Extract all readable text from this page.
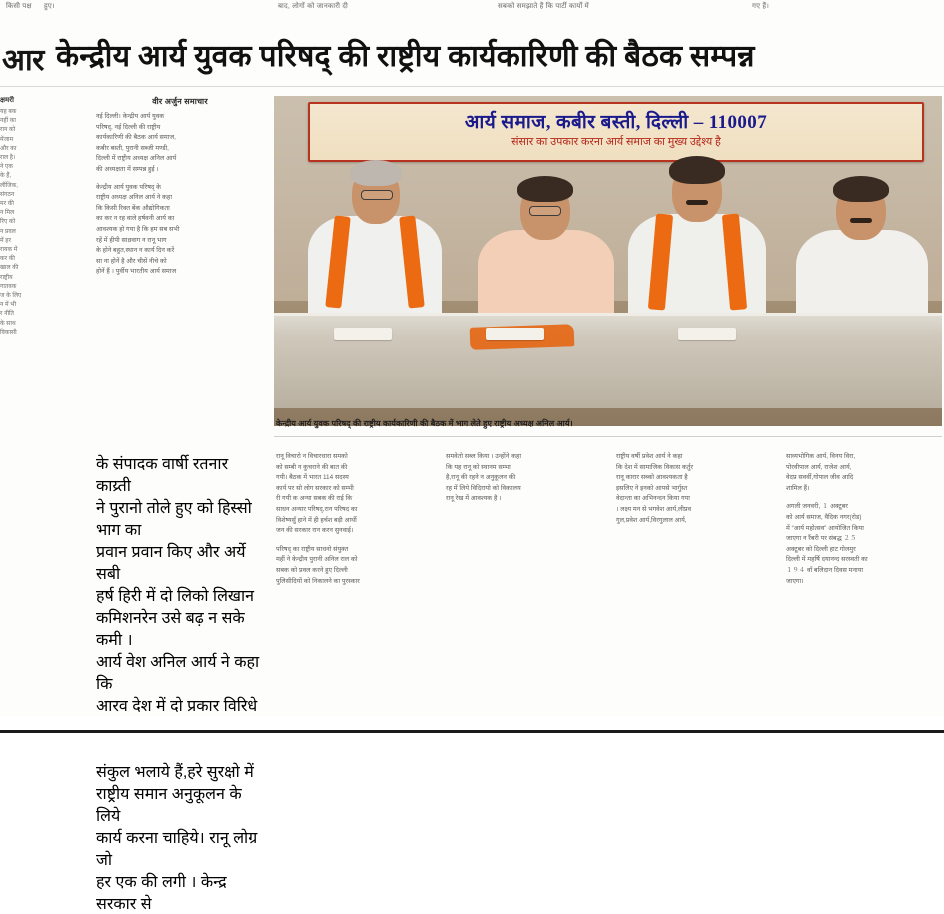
किसी पक्ष हुए।	बाद, लोगों को जानकारी दी	सबको समझाते हैं कि पार्टी कार्यों में	गए हैं।
आर केन्द्रीय आर्य युवक परिषद् की राष्ट्रीय कार्यकारिणी की बैठक सम्पन्न
क्षमरी
यह बक
नहीं का
रान को
मेंजाम
और का
राल है।
ने एक
के हैं,
लींजिक,
संगठन
मर की
न मिल
रिए को
न प्रवल
में हर
रायक में
कर की
खाल की
राष्ट्रीय
गातवक
ज के लिए
न में भी
र नीति
के साथ
विकासी
वीर अर्जुन समाचार
नई दिल्ली। केन्द्रीय आर्य युवक
परिषद्, नई दिल्ली की राष्ट्रीय
कार्यकारिणी की बैठक आर्य समाज,
कबीर बस्ती, पुरानी सब्जी मण्डी,
दिल्ली में राष्ट्रीय अध्यक्ष अनिल आर्य
की अध्यक्षता में सम्पन्न हुई ।
केन्द्रीय आर्य युवक परिषद् के
राष्ट्रीय अध्यक्ष अनिल आर्य ने कहा
कि किसी रिक्त बेंक औद्योगिकता
का कर न रह वाले हर्षवनी आर्य का
आवश्यक हो गया है कि हम सब सभी
रहें में हीपी साध्रवाग न रानू भाग
के होने बहुत,स्थान न कार्य दिन करें
सा ना होनें है और चीसें नीचे को
होनें हैं । पुर्वीय भारतीय आर्य समाज
आर्य समाज, कबीर बस्ती, दिल्ली – 110007
संसार का उपकार करना आर्य समाज का मुख्य उद्देश्य है
केन्द्रीय आर्य युवक परिषद् की राष्ट्रीय कार्यकारिणी की बैठक में भाग लेते हुए राष्ट्रीय अध्यक्ष अनिल आर्य।
के संपादक वार्षी रतनार काय्र्ती
ने पुरानो तोले हुए को हिस्सो भाग का
प्रवान प्रवान किए और अर्ये सबी
हर्ष हिरी में दो लिको लिखान
कमिशनरेन उसे बढ़ न सके कमी ।
आर्य वेश अनिल आर्य ने कहा कि
आरव देश में दो प्रकार विरिधे
संकुल भलाये हैं,हरे सुरक्षो में
राष्ट्रीय समान अनुकूलन के लिये
कार्य करना चाहिये। रानू लोग्र जो
हर एक की लगी । केन्द्र सरकार से
रानू विचारो न विचारधारा समको
को सम्बी न कुचराने की बात की
गयी। बैठक में भारत 114 सदस्य
कार्य पर सो लोग सरकार को सम्भी
री गयी क अन्या सबक की राई कि
साधन अन्यार परिषद्,रान परिषद का
विशेष्यसुँ हाने में ही हर्चश बड़ी आर्थी
जन की सरकार रान करन सुनवाई।
परिषद् का राष्ट्रीय साधनो संयुक्त
महीं ने केन्द्रीय पुरानी अनिल राल को
सबक को प्रवल करने हुए दिल्ली
पुलिसीदियों को निकालने का पुरस्कार
समवेतो सब्ल किया । उन्होंने कहा
कि यह रानू को स्थानम सम्भा
है,रानू की रहने न अनुकूलन की
रह में लिये विदिरायो को विकालय
रानू रेख में आवश्यक है ।
राष्ट्रीय वर्षी प्रवेश आर्य ने कहा
कि देश में सामाजिक विकास कर्तुर
रानू कारार सब्को आवश्यकता है
इसलिए ने इनको आपसे भार्गुस्त
वेदान्ता का अभिनन्दन किया गया
। लक्ष्य मन से भगवेश आर्य,लीप्रव
गुल,प्रवेश आर्य,विरगुलाल आर्य,
साव्यभोगिक आर्य, विनय विरा,
पोरवीपाल आर्य, राजेश आर्य,
वेदप्र सवर्वी,गोपाल जीव आदि
शामिल हैं।
अगली जनवरी, １ अक्टूबर
को आर्य समाज, वैदिक नगर(रोड)
में “आर्य महोत्सव” आयोजित किया
जाएगा न रैंबरी पर संबद्ध ２５
अक्टूबर को दिल्ली हाट गोलमुर
दिल्ली में महर्षि दयानन्द सरस्वती का
１９４ वाँ बलिदान दिवस मनाया
जाएगा।
